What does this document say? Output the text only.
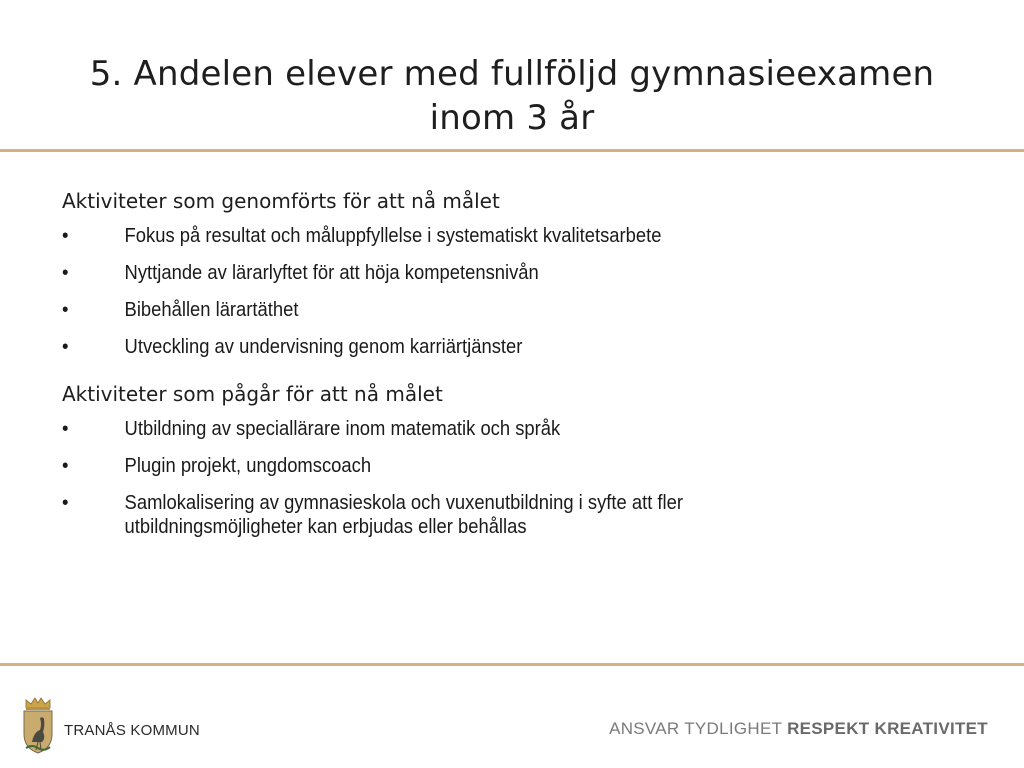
5. Andelen elever med fullföljd gymnasieexamen
inom 3 år
Aktiviteter som genomförts för att nå målet
•	Fokus på resultat och måluppfyllelse i systematiskt kvalitetsarbete
•	Nyttjande av lärarlyftet för att höja kompetensnivån
•	Bibehållen lärartäthet
•	Utveckling av undervisning genom karriärtjänster
Aktiviteter som pågår för att nå målet
•	Utbildning av speciallärare inom matematik och språk
•	Plugin projekt, ungdomscoach
•	Samlokalisering av gymnasieskola och vuxenutbildning i syfte att fler
utbildningsmöjligheter kan erbjudas eller behållas
TRANÅS KOMMUN	ANSVAR TYDLIGHET RESPEKT KREATIVITET
